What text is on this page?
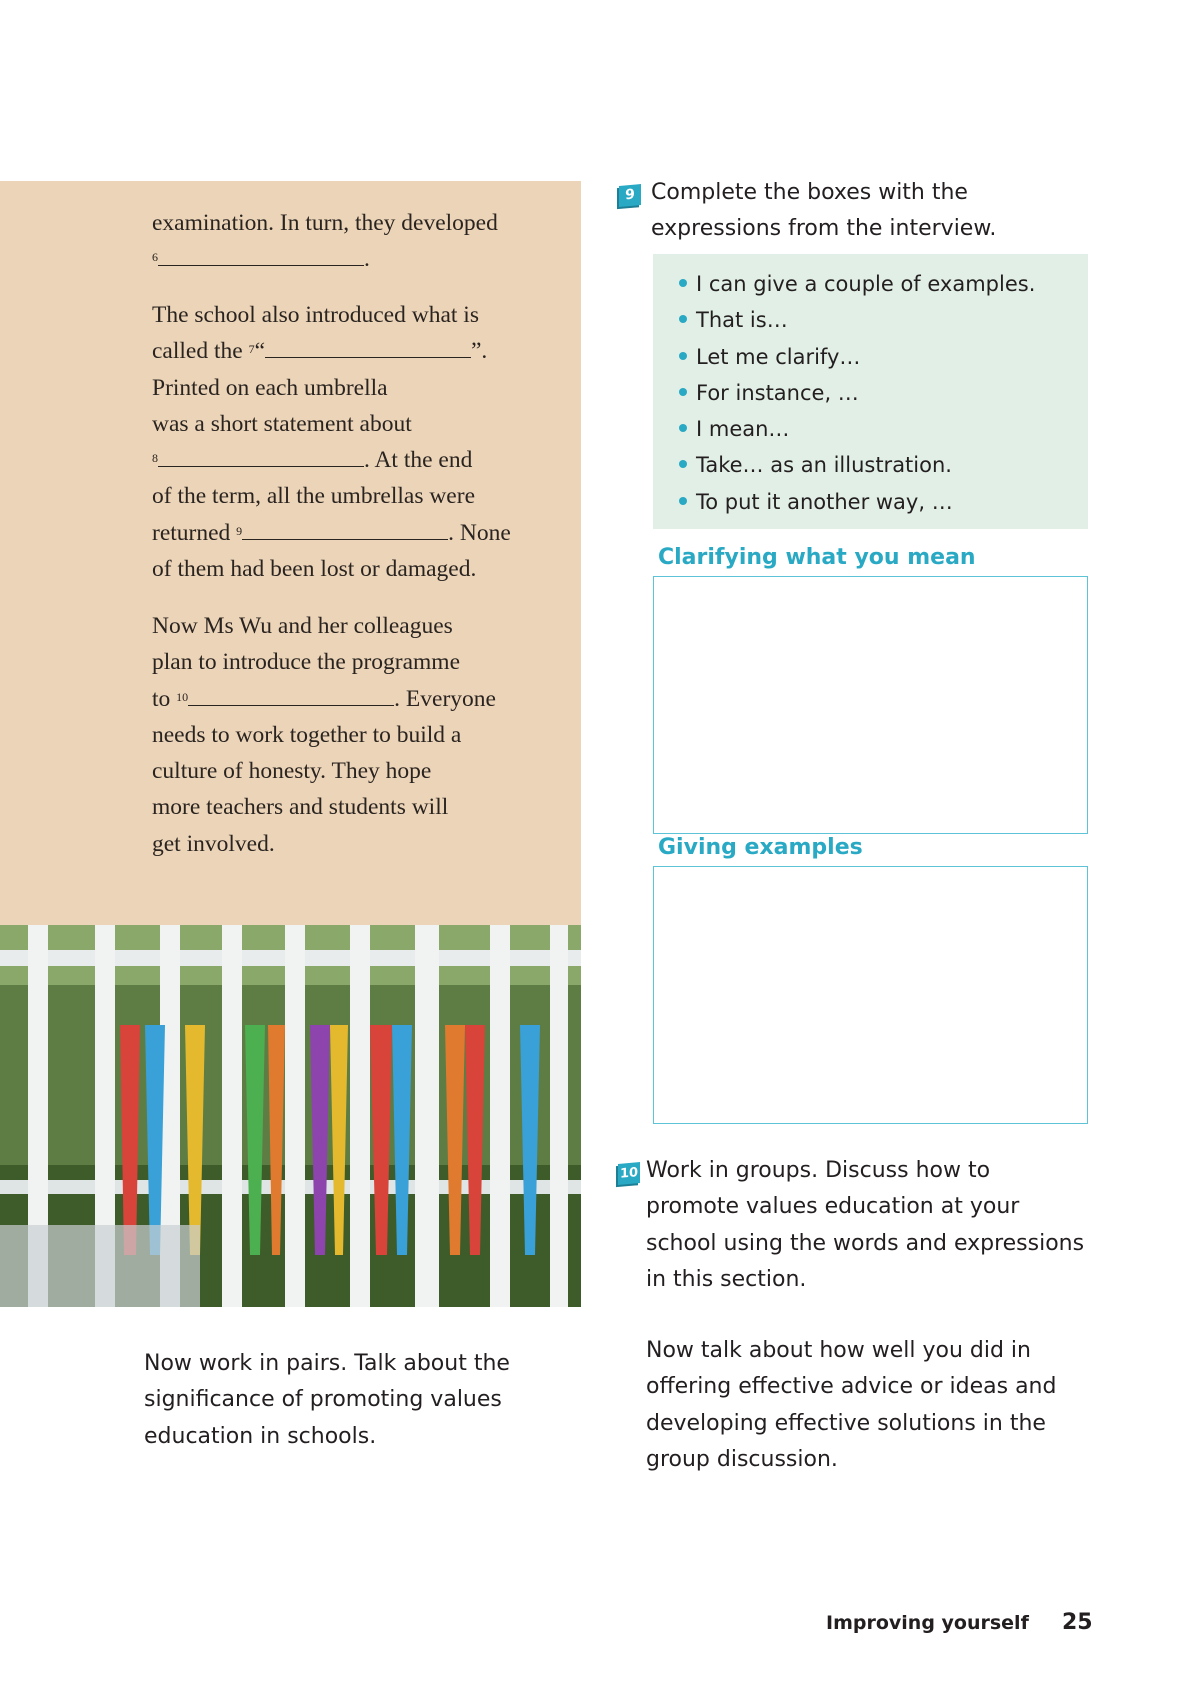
examination. In turn, they developed
$^6$	.
The school also introduced what is
called the $^7$“	”.
Printed on each umbrella
was a short statement about
$^8$	. At the end
of the term, all the umbrellas were
returned $^9$	. None
of them had been lost or damaged.
Now Ms Wu and her colleagues
plan to introduce the programme
to $^{10}$	. Everyone
needs to work together to build a
culture of honesty. They hope
more teachers and students will
get involved.
Now work in pairs. Talk about the
significance of promoting values
education in schools.
9 Complete the boxes with the
expressions from the interview.
I can give a couple of examples.
That is…
Let me clarify…
For instance, …
I mean…
Take… as an illustration.
To put it another way, …
Clarifying what you mean
Giving examples
10 Work in groups. Discuss how to
promote values education at your
school using the words and expressions
in this section.
Now talk about how well you did in
offering effective advice or ideas and
developing effective solutions in the
group discussion.
Improving yourself 25
